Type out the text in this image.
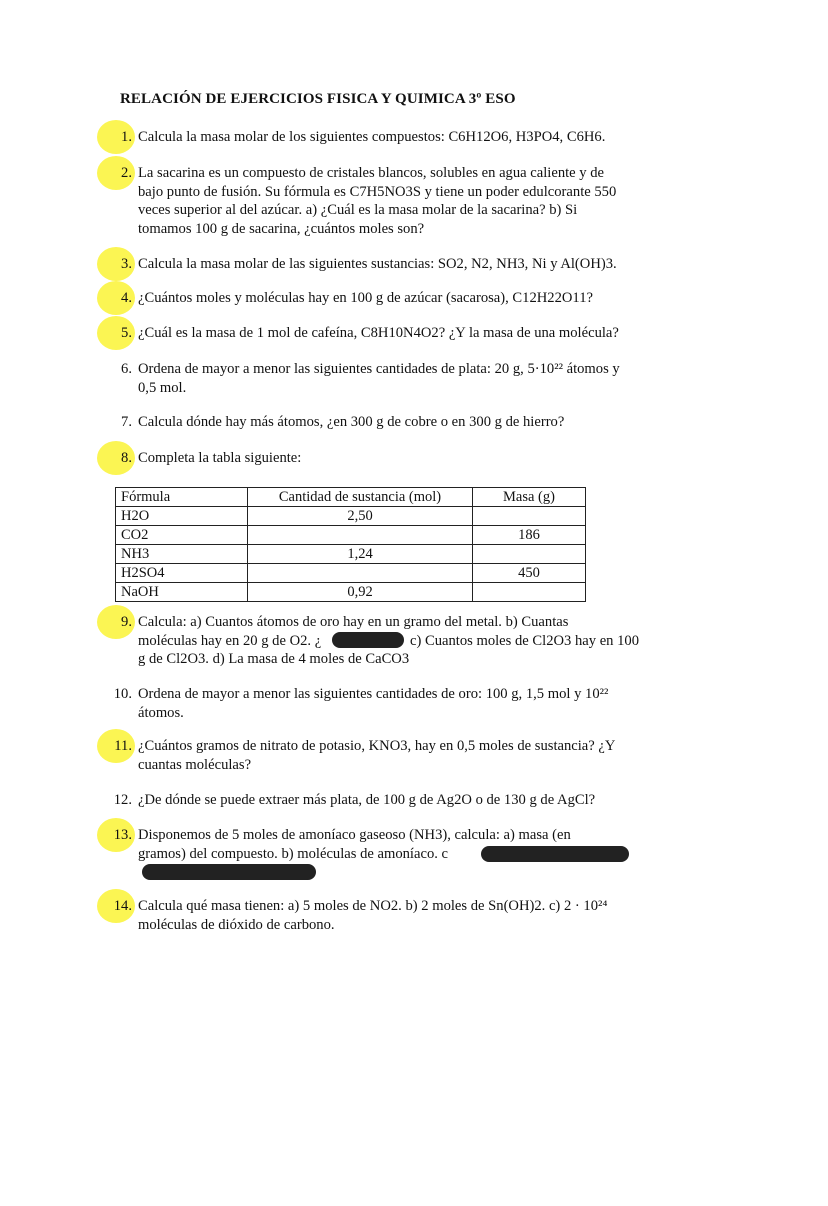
RELACIÓN DE EJERCICIOS FISICA Y QUIMICA 3º ESO
1. Calcula la masa molar de los siguientes compuestos: C6H12O6, H3PO4, C6H6.
2. La sacarina es un compuesto de cristales blancos, solubles en agua caliente y de
bajo punto de fusión. Su fórmula es C7H5NO3S y tiene un poder edulcorante 550
veces superior al del azúcar. a) ¿Cuál es la masa molar de la sacarina? b) Si
tomamos 100 g de sacarina, ¿cuántos moles son?
3. Calcula la masa molar de las siguientes sustancias: SO2, N2, NH3, Ni y Al(OH)3.
4. ¿Cuántos moles y moléculas hay en 100 g de azúcar (sacarosa), C12H22O11?
5. ¿Cuál es la masa de 1 mol de cafeína, C8H10N4O2? ¿Y la masa de una molécula?
6. Ordena de mayor a menor las siguientes cantidades de plata: 20 g, 5·10²² átomos y
0,5 mol.
7. Calcula dónde hay más átomos, ¿en 300 g de cobre o en 300 g de hierro?
8. Completa la tabla siguiente:
Fórmula	Cantidad de sustancia (mol)	Masa (g)
H2O	2,50	
CO2		186
NH3	1,24	
H2SO4		450
NaOH	0,92	
9. Calcula: a) Cuantos átomos de oro hay en un gramo del metal. b) Cuantas
moléculas hay en 20 g de O2. ¿	c) Cuantos moles de Cl2O3 hay en 100
g de Cl2O3. d) La masa de 4 moles de CaCO3
10. Ordena de mayor a menor las siguientes cantidades de oro: 100 g, 1,5 mol y 10²²
átomos.
11. ¿Cuántos gramos de nitrato de potasio, KNO3, hay en 0,5 moles de sustancia? ¿Y
cuantas moléculas?
12. ¿De dónde se puede extraer más plata, de 100 g de Ag2O o de 130 g de AgCl?
13. Disponemos de 5 moles de amoníaco gaseoso (NH3), calcula: a) masa (en
gramos) del compuesto. b) moléculas de amoníaco. c
14. Calcula qué masa tienen: a) 5 moles de NO2. b) 2 moles de Sn(OH)2. c) 2 · 10²⁴
moléculas de dióxido de carbono.
